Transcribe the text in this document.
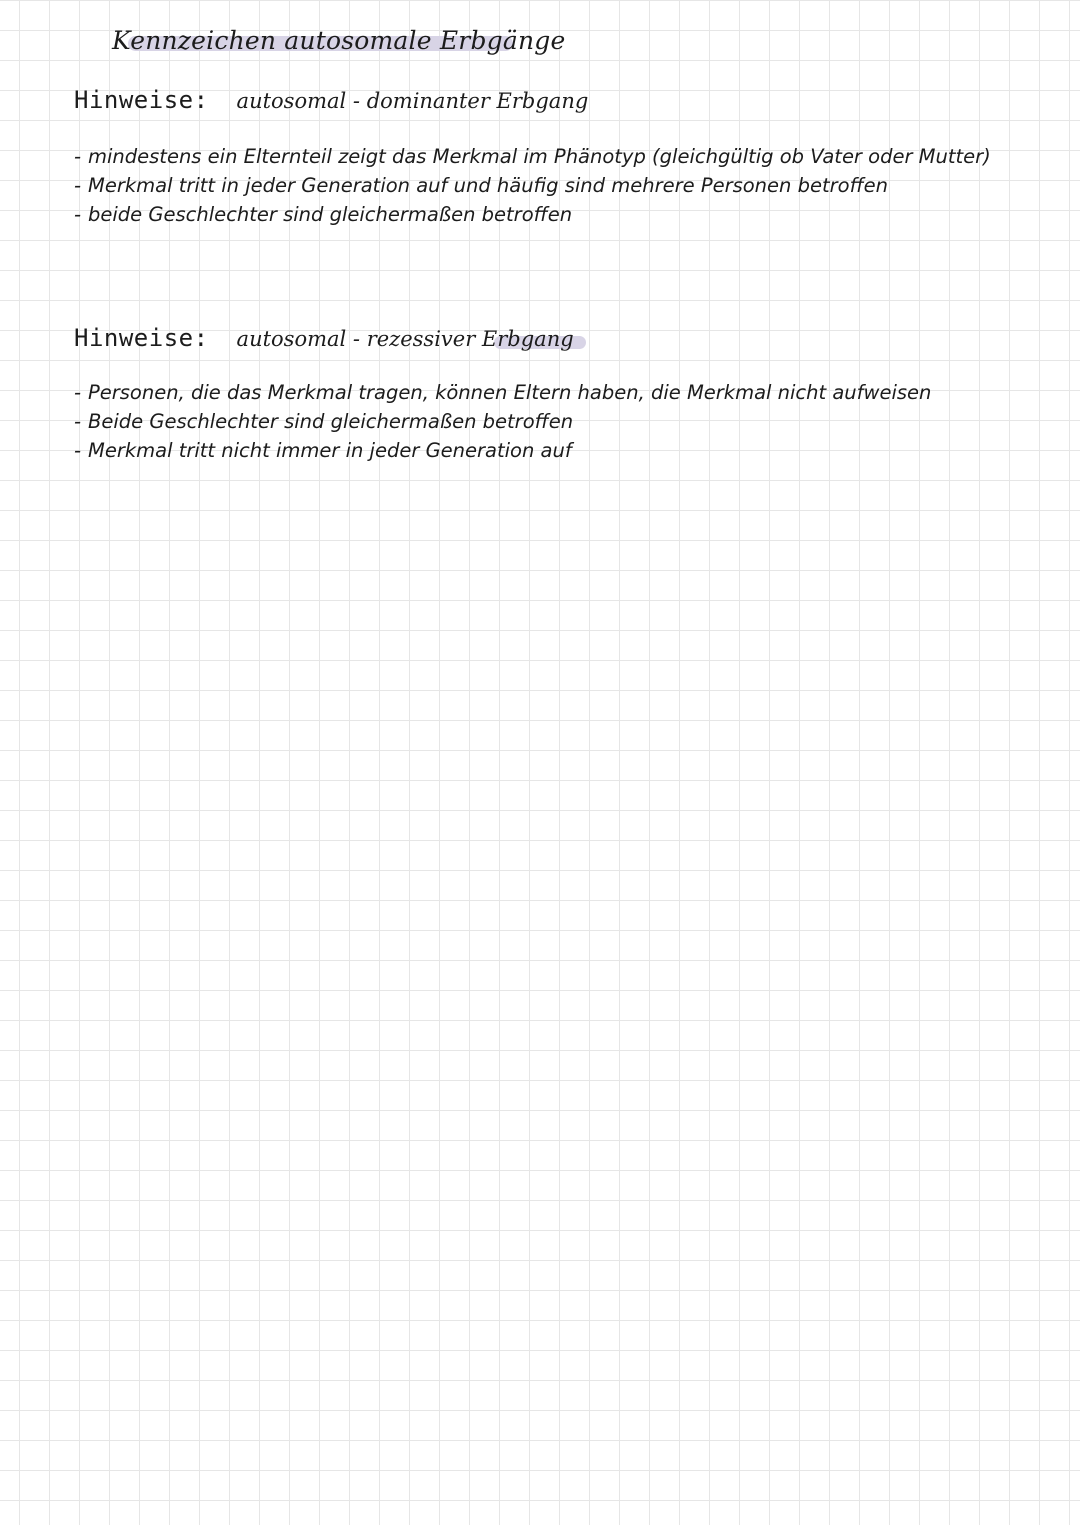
Kennzeichen autosomale Erbgänge
Hinweise: autosomal - dominanter Erbgang
- mindestens ein Elternteil zeigt das Merkmal im Phänotyp (gleichgültig ob Vater oder Mutter)
- Merkmal tritt in jeder Generation auf und häufig sind mehrere Personen betroffen
- beide Geschlechter sind gleichermaßen betroffen
Hinweise: autosomal - rezessiver Erbgang
- Personen, die das Merkmal tragen, können Eltern haben, die Merkmal nicht aufweisen
- Beide Geschlechter sind gleichermaßen betroffen
- Merkmal tritt nicht immer in jeder Generation auf
